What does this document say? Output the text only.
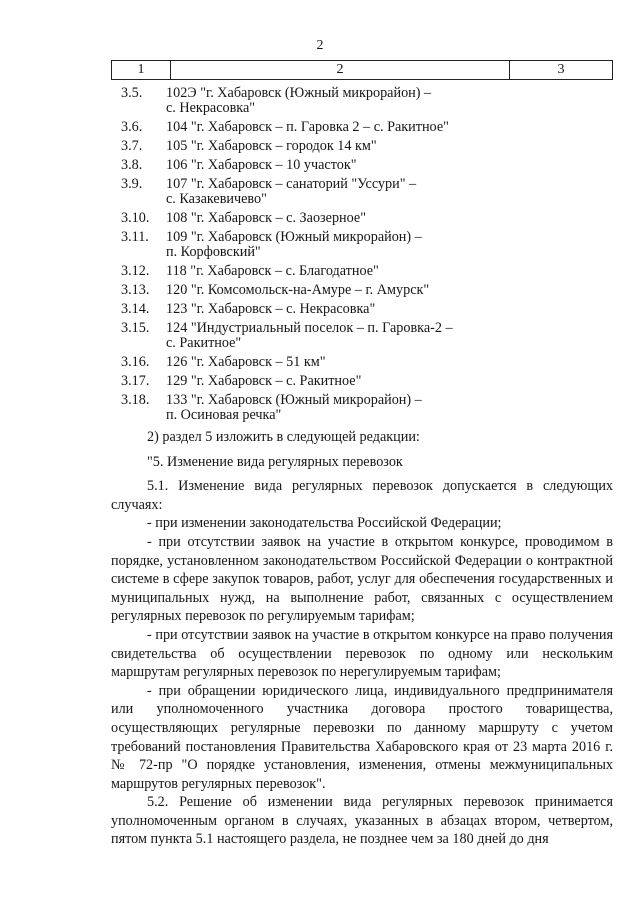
2
1	2	3
3.5. 102Э "г. Хабаровск (Южный микрорайон) –
с. Некрасовка"
3.6. 104 "г. Хабаровск – п. Гаровка 2 – с. Ракитное"
3.7. 105 "г. Хабаровск – городок 14 км"
3.8. 106 "г. Хабаровск – 10 участок"
3.9. 107 "г. Хабаровск – санаторий "Уссури" –
с. Казакевичево"
3.10. 108 "г. Хабаровск – с. Заозерное"
3.11. 109 "г. Хабаровск (Южный микрорайон) –
п. Корфовский"
3.12. 118 "г. Хабаровск – с. Благодатное"
3.13. 120 "г. Комсомольск-на-Амуре – г. Амурск"
3.14. 123 "г. Хабаровск – с. Некрасовка"
3.15. 124 "Индустриальный поселок – п. Гаровка-2 –
с. Ракитное"
3.16. 126 "г. Хабаровск – 51 км"
3.17. 129 "г. Хабаровск – с. Ракитное"
3.18. 133 "г. Хабаровск (Южный микрорайон) –
п. Осиновая речка"

2) раздел 5 изложить в следующей редакции:

"5. Изменение вида регулярных перевозок

5.1. Изменение вида регулярных перевозок допускается в следующих случаях:

- при изменении законодательства Российской Федерации;

- при отсутствии заявок на участие в открытом конкурсе, проводимом в порядке, установленном законодательством Российской Федерации о контрактной системе в сфере закупок товаров, работ, услуг для обеспечения государственных и муниципальных нужд, на выполнение работ, связанных с осуществлением регулярных перевозок по регулируемым тарифам;

- при отсутствии заявок на участие в открытом конкурсе на право получения свидетельства об осуществлении перевозок по одному или нескольким маршрутам регулярных перевозок по нерегулируемым тарифам;

- при обращении юридического лица, индивидуального предпринимателя или уполномоченного участника договора простого товарищества, осуществляющих регулярные перевозки по данному маршруту с учетом требований постановления Правительства Хабаровского края от 23 марта 2016 г. № 72-пр "О порядке установления, изменения, отмены межмуниципальных маршрутов регулярных перевозок".

5.2. Решение об изменении вида регулярных перевозок принимается уполномоченным органом в случаях, указанных в абзацах втором, четвертом, пятом пункта 5.1 настоящего раздела, не позднее чем за 180 дней до дня
